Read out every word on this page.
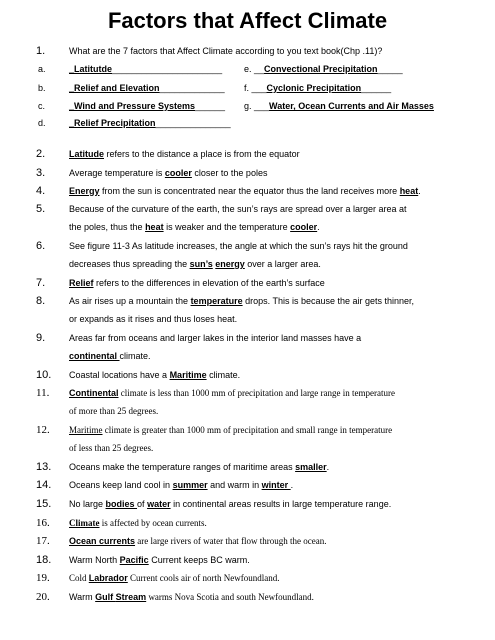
Factors that Affect Climate
1.	What are the 7 factors that Affect Climate according to you text book(Chp .11)?
a.	_Latitutde______________________ e. __Convectional Precipitation_____
b.	_Relief and Elevation_____________ f. ___Cyclonic Precipitation______
c.	_Wind and Pressure Systems______ g. ___Water, Ocean Currents and Air Masses
d.	_Relief Precipitation_______________
2.	Latitude refers to the distance a place is from the equator
3.	Average temperature is cooler closer to the poles
4.	Energy from the sun is concentrated near the equator thus the land receives more heat.
5.	Because of the curvature of the earth, the sun’s rays are spread over a larger area at
the poles, thus the heat is weaker and the temperature cooler.
6.	See figure 11-3 As latitude increases, the angle at which the sun’s rays hit the ground
decreases thus spreading the sun’s energy over a larger area.
7.	Relief refers to the differences in elevation of the earth’s surface
8.	As air rises up a mountain the temperature drops. This is because the air gets thinner,
or expands as it rises and thus loses heat.
9.	Areas far from oceans and larger lakes in the interior land masses have a
continental climate.
10. Coastal locations have a Maritime climate.
11. Continental climate is less than 1000 mm of precipitation and large range in temperature
of more than 25 degrees.
12. Maritime climate is greater than 1000 mm of precipitation and small range in temperature
of less than 25 degrees.
13. Oceans make the temperature ranges of maritime areas smaller.
14. Oceans keep land cool in summer and warm in winter .
15. No large bodies of water in continental areas results in large temperature range.
16. Climate is affected by ocean currents.
17. Ocean currents are large rivers of water that flow through the ocean.
18. Warm North Pacific Current keeps BC warm.
19. Cold Labrador Current cools air of north Newfoundland.
20. Warm Gulf Stream warms Nova Scotia and south Newfoundland.
